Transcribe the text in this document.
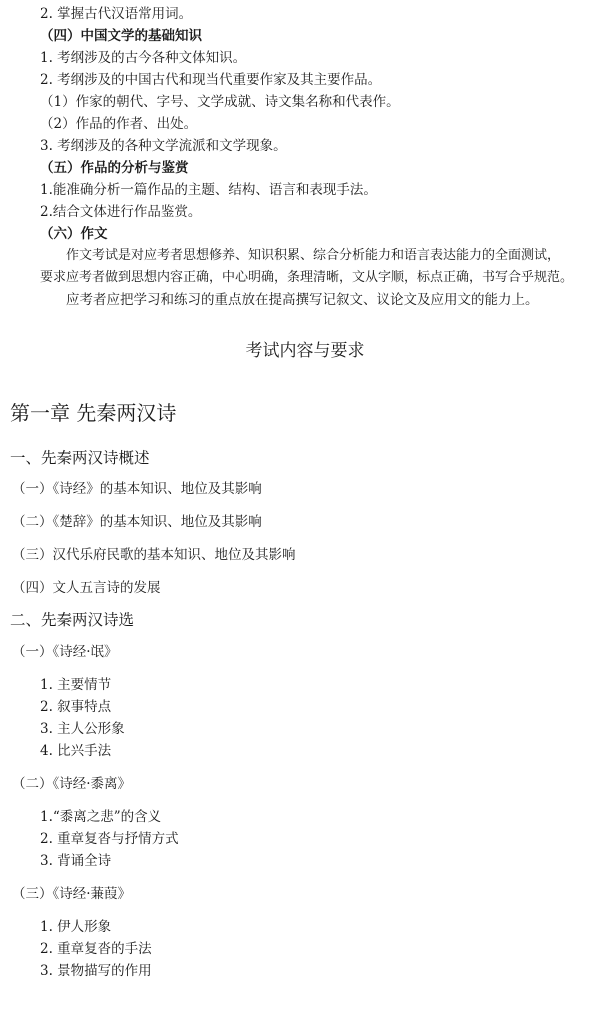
2. 掌握古代汉语常用词。
（四）中国文学的基础知识
1. 考纲涉及的古今各种文体知识。
2. 考纲涉及的中国古代和现当代重要作家及其主要作品。
（1）作家的朝代、字号、文学成就、诗文集名称和代表作。
（2）作品的作者、出处。
3. 考纲涉及的各种文学流派和文学现象。
（五）作品的分析与鉴赏
1.能准确分析一篇作品的主题、结构、语言和表现手法。
2.结合文体进行作品鉴赏。
（六）作文
作文考试是对应考者思想修养、知识积累、综合分析能力和语言表达能力的全面测试，
要求应考者做到思想内容正确，中心明确，条理清晰，文从字顺，标点正确，书写合乎规范。
应考者应把学习和练习的重点放在提高撰写记叙文、议论文及应用文的能力上。
考试内容与要求
第一章 先秦两汉诗
一、先秦两汉诗概述
（一）《诗经》的基本知识、地位及其影响
（二）《楚辞》的基本知识、地位及其影响
（三）汉代乐府民歌的基本知识、地位及其影响
（四）文人五言诗的发展
二、先秦两汉诗选
（一）《诗经·氓》
1. 主要情节
2. 叙事特点
3. 主人公形象
4. 比兴手法
（二）《诗经·黍离》
1.“黍离之悲”的含义
2. 重章复沓与抒情方式
3. 背诵全诗
（三）《诗经·蒹葭》
1. 伊人形象
2. 重章复沓的手法
3. 景物描写的作用
